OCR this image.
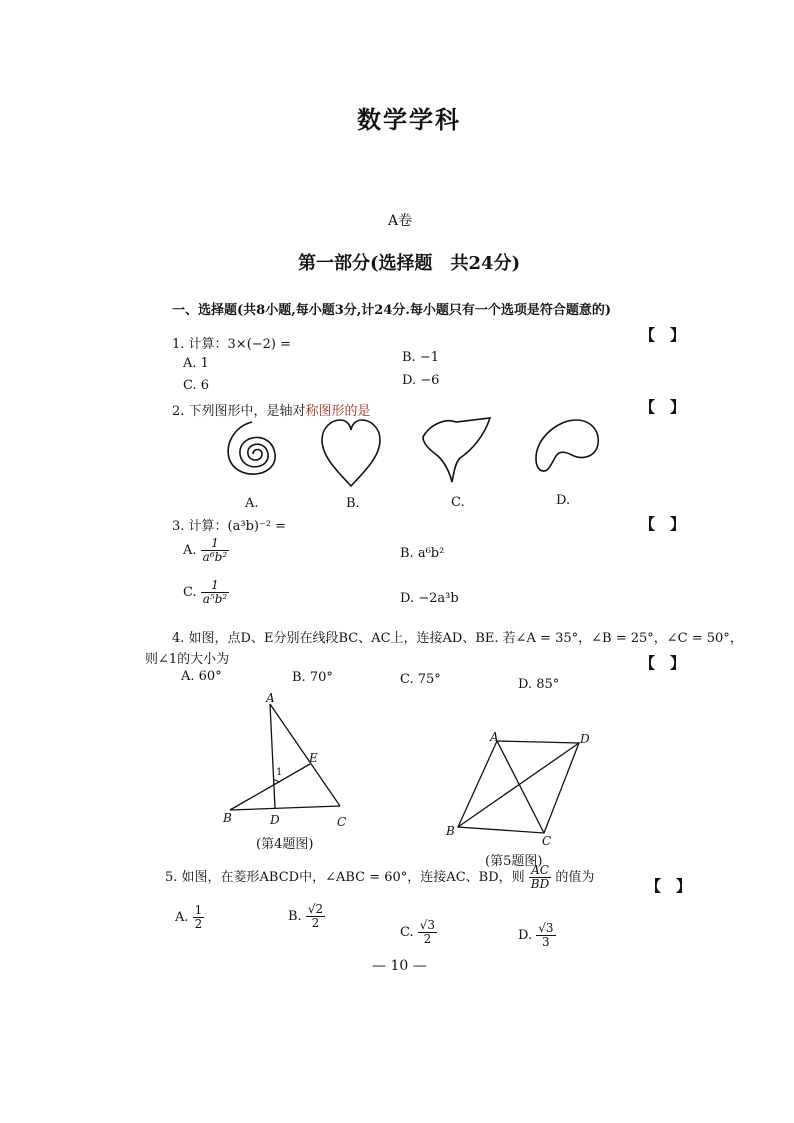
数学学科
A卷
第一部分(选择题　共24分)
一、选择题(共8小题,每小题3分,计24分.每小题只有一个选项是符合题意的)
1. 计算：3×(−2) =
【　】
A. 1	B. −1
C. 6	D. −6
2. 下列图形中，是轴对称图形的是	【　】
A.	B.	C.	D.
3. 计算：(a³b)⁻² =	【　】
A. $\frac{1}{\text{a⁶b²}}$	B. a⁶b²
C. $\frac{1}{\text{a⁵b²}}$	D. −2a³b
4. 如图，点D、E分别在线段BC、AC上，连接AD、BE. 若∠A = 35°，∠B = 25°，∠C = 50°，
则∠1的大小为	【　】
A. 60°	B. 70°	C. 75°	D. 85°
A
B	C
D
E
1
(第4题图)
A
B
C
D
(第5题图)
5. 如图，在菱形ABCD中，∠ABC = 60°，连接AC、BD，则 $\frac{AC}{BD}$ 的值为	【　】
A. $\frac{1}{2}$	B. $\frac{√2}{2}$
C. $\frac{√3}{2}$	D. $\frac{√3}{3}$
— 10 —
